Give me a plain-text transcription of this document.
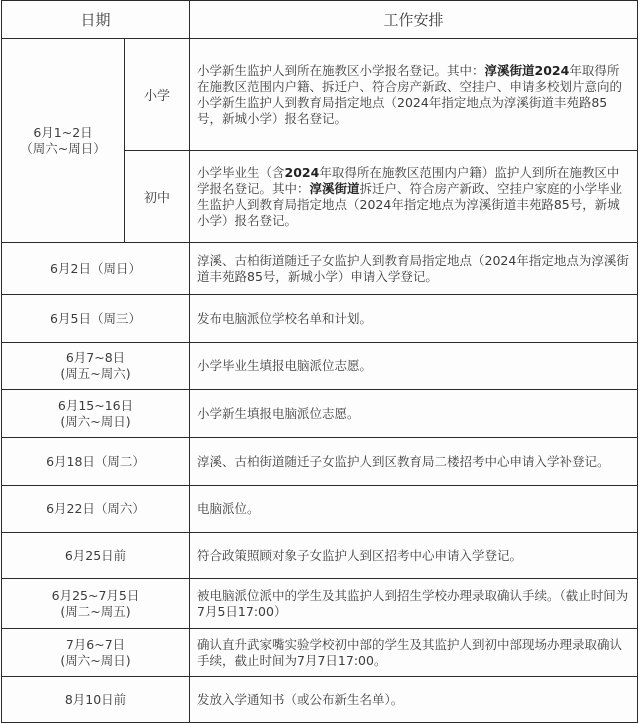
日期		工作安排

6月1~2日
（周六~周日）	小学	小学新生监护人到所在施教区小学报名登记。其中：淳溪街道2024年取得所在施教区范围内户籍、拆迁户、符合房产新政、空挂户、申请多校划片意向的小学新生监护人到教育局指定地点（2024年指定地点为淳溪街道丰苑路85号，新城小学）报名登记。
	初中	小学毕业生（含2024年取得所在施教区范围内户籍）监护人到所在施教区中学报名登记。其中：淳溪街道拆迁户、符合房产新政、空挂户家庭的小学毕业生监护人到教育局指定地点（2024年指定地点为淳溪街道丰苑路85号，新城小学）报名登记。

6月2日（周日）		淳溪、古柏街道随迁子女监护人到教育局指定地点（2024年指定地点为淳溪街道丰苑路85号，新城小学）申请入学登记。

6月5日（周三）		发布电脑派位学校名单和计划。

6月7~8日
(周五~周六)		小学毕业生填报电脑派位志愿。

6月15~16日
(周六~周日)		小学新生填报电脑派位志愿。

6月18日（周二）		淳溪、古柏街道随迁子女监护人到区教育局二楼招考中心申请入学补登记。

6月22日（周六）		电脑派位。

6月25日前		符合政策照顾对象子女监护人到区招考中心申请入学登记。

6月25~7月5日
(周二~周五)		被电脑派位派中的学生及其监护人到招生学校办理录取确认手续。（截止时间为7月5日17:00）

7月6~7日
(周六~周日)		确认直升武家嘴实验学校初中部的学生及其监护人到初中部现场办理录取确认手续，截止时间为7月7日17:00。

8月10日前		发放入学通知书（或公布新生名单）。
